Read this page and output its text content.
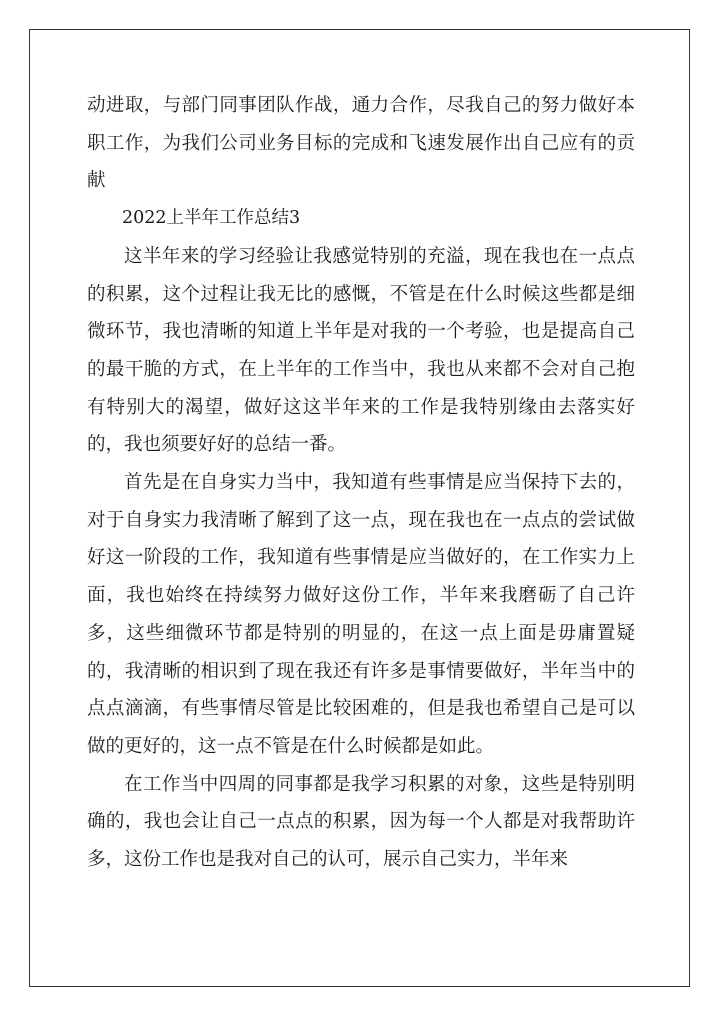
动进取，与部门同事团队作战，通力合作，尽我自己的努力做好本职工作，为我们公司业务目标的完成和飞速发展作出自己应有的贡献

2022上半年工作总结3

这半年来的学习经验让我感觉特别的充溢，现在我也在一点点的积累，这个过程让我无比的感慨，不管是在什么时候这些都是细微环节，我也清晰的知道上半年是对我的一个考验，也是提高自己的最干脆的方式，在上半年的工作当中，我也从来都不会对自己抱有特别大的渴望，做好这这半年来的工作是我特别缘由去落实好的，我也须要好好的总结一番。

首先是在自身实力当中，我知道有些事情是应当保持下去的，对于自身实力我清晰了解到了这一点，现在我也在一点点的尝试做好这一阶段的工作，我知道有些事情是应当做好的，在工作实力上面，我也始终在持续努力做好这份工作，半年来我磨砺了自己许多，这些细微环节都是特别的明显的，在这一点上面是毋庸置疑的，我清晰的相识到了现在我还有许多是事情要做好，半年当中的点点滴滴，有些事情尽管是比较困难的，但是我也希望自己是可以做的更好的，这一点不管是在什么时候都是如此。

在工作当中四周的同事都是我学习积累的对象，这些是特别明确的，我也会让自己一点点的积累，因为每一个人都是对我帮助许多，这份工作也是我对自己的认可，展示自己实力，半年来
